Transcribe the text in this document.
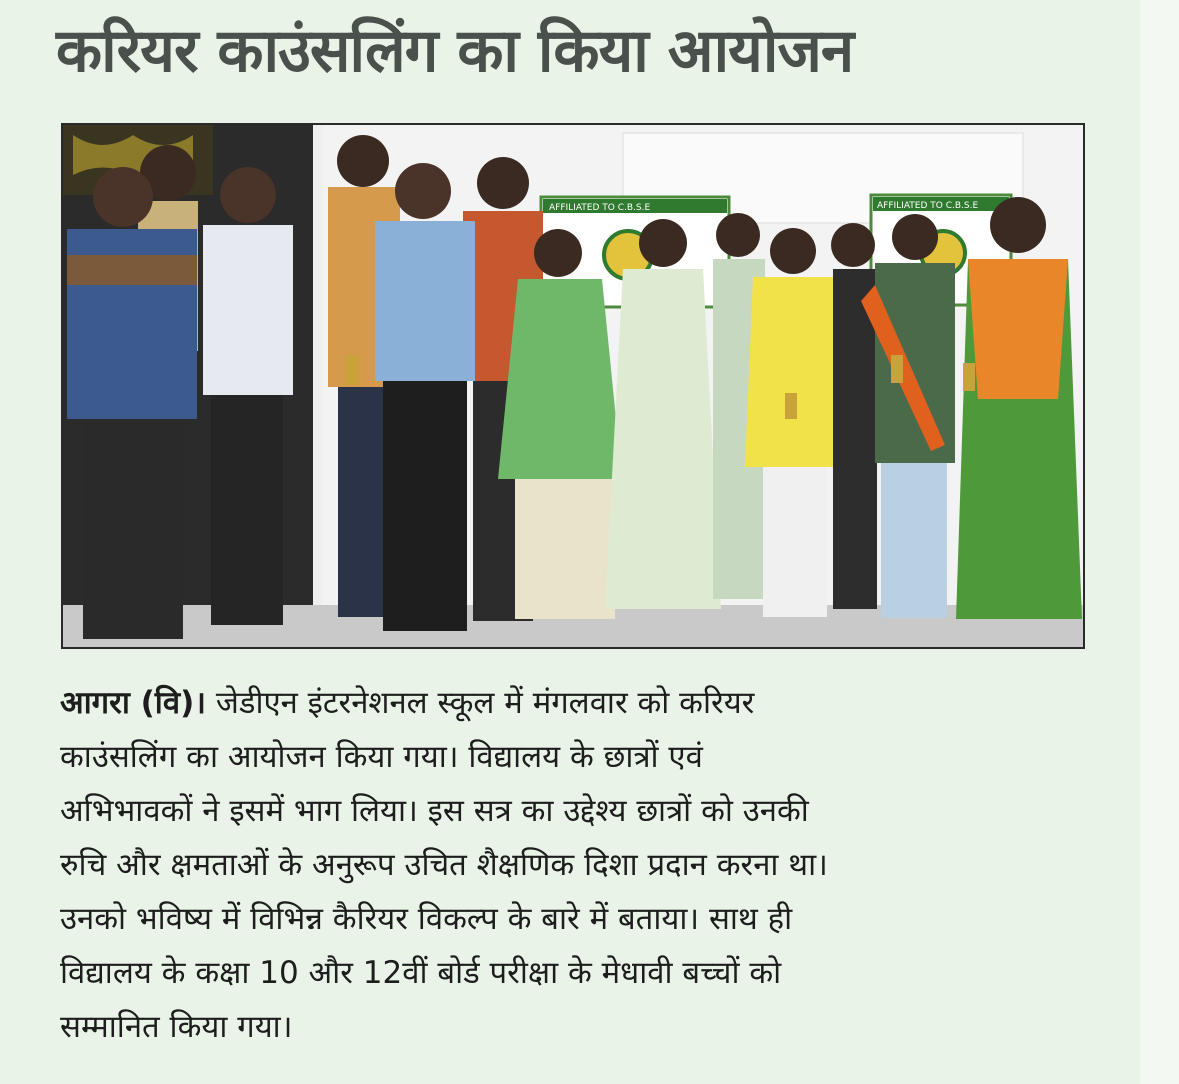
करियर काउंसलिंग का किया आयोजन
AFFILIATED TO C.B.S.E	AFFILIATED TO C.B.S.E

आगरा (वि)। जेडीएन इंटरनेशनल स्कूल में मंगलवार को करियर
काउंसलिंग का आयोजन किया गया। विद्यालय के छात्रों एवं
अभिभावकों ने इसमें भाग लिया। इस सत्र का उद्देश्य छात्रों को उनकी
रुचि और क्षमताओं के अनुरूप उचित शैक्षणिक दिशा प्रदान करना था।
उनको भविष्य में विभिन्न कैरियर विकल्प के बारे में बताया। साथ ही
विद्यालय के कक्षा 10 और 12वीं बोर्ड परीक्षा के मेधावी बच्चों को
सम्मानित किया गया।
